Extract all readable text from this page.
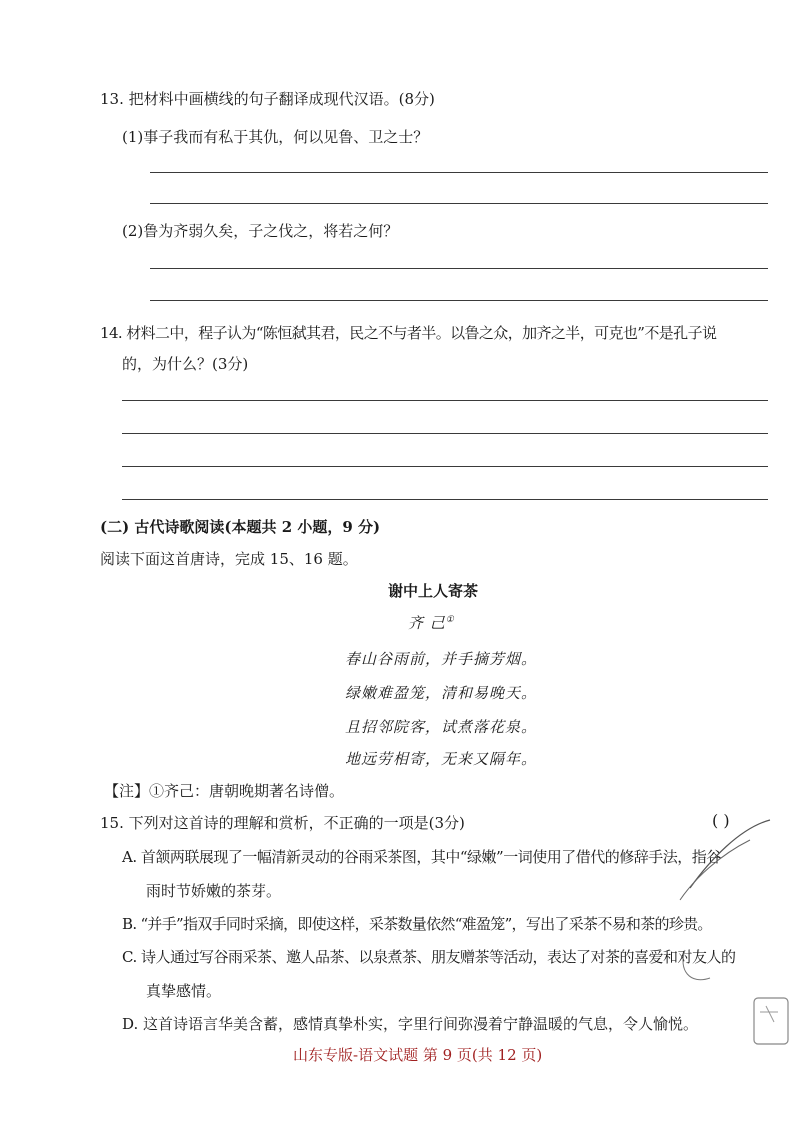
13. 把材料中画横线的句子翻译成现代汉语。(8分)
(1)事子我而有私于其仇，何以见鲁、卫之士？
(2)鲁为齐弱久矣，子之伐之，将若之何？
14. 材料二中，程子认为“陈恒弑其君，民之不与者半。以鲁之众，加齐之半，可克也”不是孔子说
的，为什么？(3分)
(二) 古代诗歌阅读(本题共 2 小题，9 分)
阅读下面这首唐诗，完成 15、16 题。
谢中上人寄茶
齐 己①
春山谷雨前，并手摘芳烟。
绿嫩难盈笼，清和易晚天。
且招邻院客，试煮落花泉。
地远劳相寄，无来又隔年。
【注】①齐己：唐朝晚期著名诗僧。
15. 下列对这首诗的理解和赏析，不正确的一项是(3分)	( )
A. 首颔两联展现了一幅清新灵动的谷雨采茶图，其中“绿嫩”一词使用了借代的修辞手法，指谷
雨时节娇嫩的茶芽。
B. “并手”指双手同时采摘，即使这样，采茶数量依然“难盈笼”，写出了采茶不易和茶的珍贵。
C. 诗人通过写谷雨采茶、邀人品茶、以泉煮茶、朋友赠茶等活动，表达了对茶的喜爱和对友人的
真挚感情。
D. 这首诗语言华美含蓄，感情真挚朴实，字里行间弥漫着宁静温暖的气息，令人愉悦。
山东专版-语文试题 第 9 页(共 12 页)
